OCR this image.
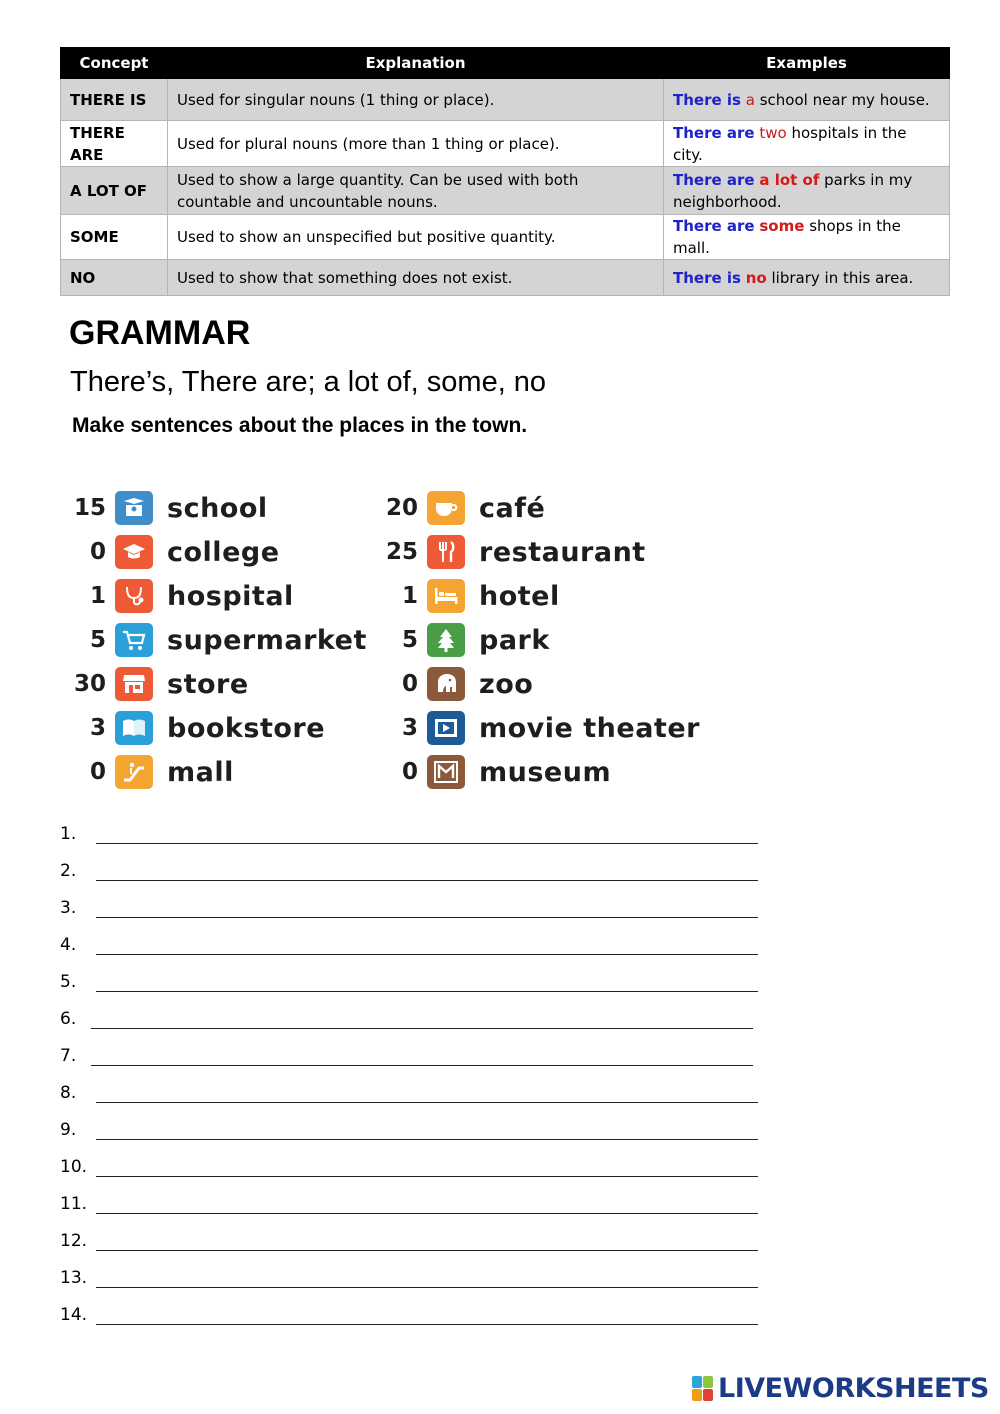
Concept	Explanation	Examples
THERE IS	Used for singular nouns (1 thing or place).	There is a school near my house.
THERE ARE	Used for plural nouns (more than 1 thing or place).	There are two hospitals in the city.
A LOT OF	Used to show a large quantity. Can be used with both countable and uncountable nouns.	There are a lot of parks in my neighborhood.
SOME	Used to show an unspecified but positive quantity.	There are some shops in the mall.
NO	Used to show that something does not exist.	There is no library in this area.
GRAMMAR
There’s, There are; a lot of, some, no

Make sentences about the places in the town.

15 school
0 college
1 hospital
5 supermarket
30 store
3 bookstore
0 mall
20 café
25 restaurant
1 hotel
5 park
0 zoo
3 movie theater
0 museum
1.
2.
3.
4.
5.
6.
7.
8.
9.
10.
11.
12.
13.
14.
LIVEWORKSHEETS
